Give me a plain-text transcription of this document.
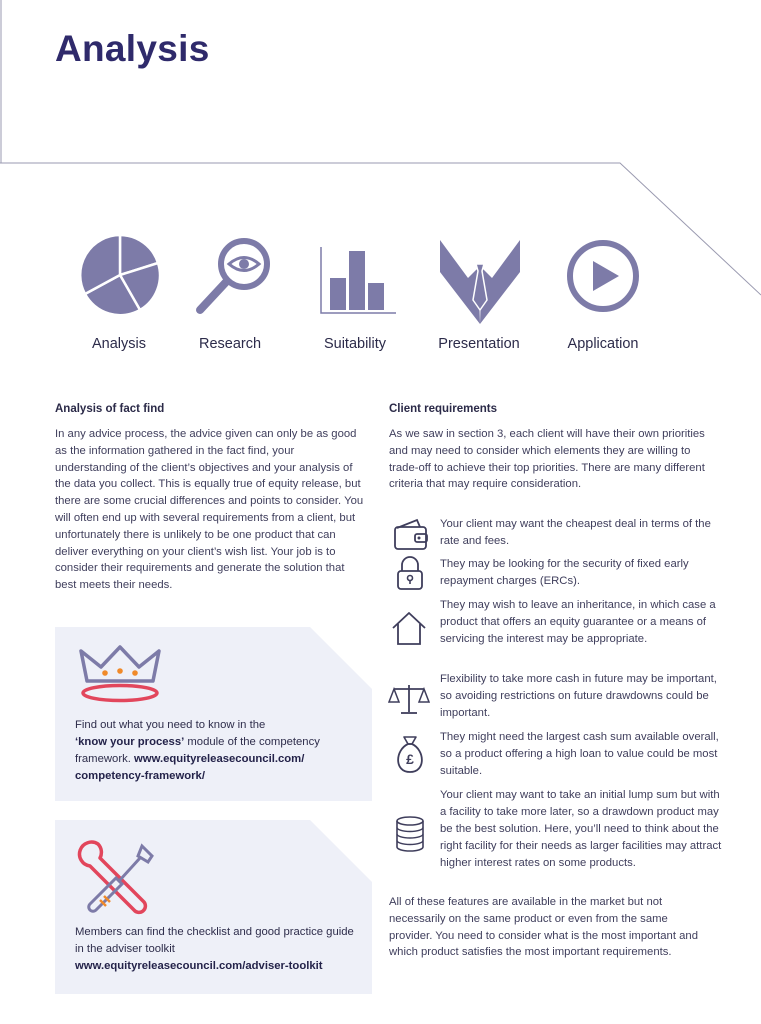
Analysis
Analysis	Research	Suitability	Presentation	Application
Analysis of fact find

In any advice process, the advice given can only be as good as the information gathered in the fact find, your understanding of the client’s objectives and your analysis of the data you collect. This is equally true of equity release, but there are some crucial differences and points to consider. You will often end up with several requirements from a client, but unfortunately there is unlikely to be one product that can deliver everything on your client’s wish list. Your job is to consider their requirements and generate the solution that best meets their needs.

Find out what you need to know in the
‘know your process’ module of the competency framework. www.equityreleasecouncil.com/ competency-framework/

Members can find the checklist and good practice guide in the adviser toolkit
www.equityreleasecouncil.com/adviser-toolkit

Client requirements

As we saw in section 3, each client will have their own priorities and may need to consider which elements they are willing to trade-off to achieve their top priorities. There are many different criteria that may require consideration.

Your client may want the cheapest deal in terms of the rate and fees.

They may be looking for the security of fixed early repayment charges (ERCs).

They may wish to leave an inheritance, in which case a product that offers an equity guarantee or a means of servicing the interest may be appropriate.

Flexibility to take more cash in future may be important, so avoiding restrictions on future drawdowns could be important.

£

They might need the largest cash sum available overall, so a product offering a high loan to value could be most suitable.

Your client may want to take an initial lump sum but with a facility to take more later, so a drawdown product may be the best solution. Here, you’ll need to think about the right facility for their needs as larger facilities may attract higher interest rates on some products.

All of these features are available in the market but not necessarily on the same product or even from the same provider. You need to consider what is the most important and which product satisfies the most important requirements.
